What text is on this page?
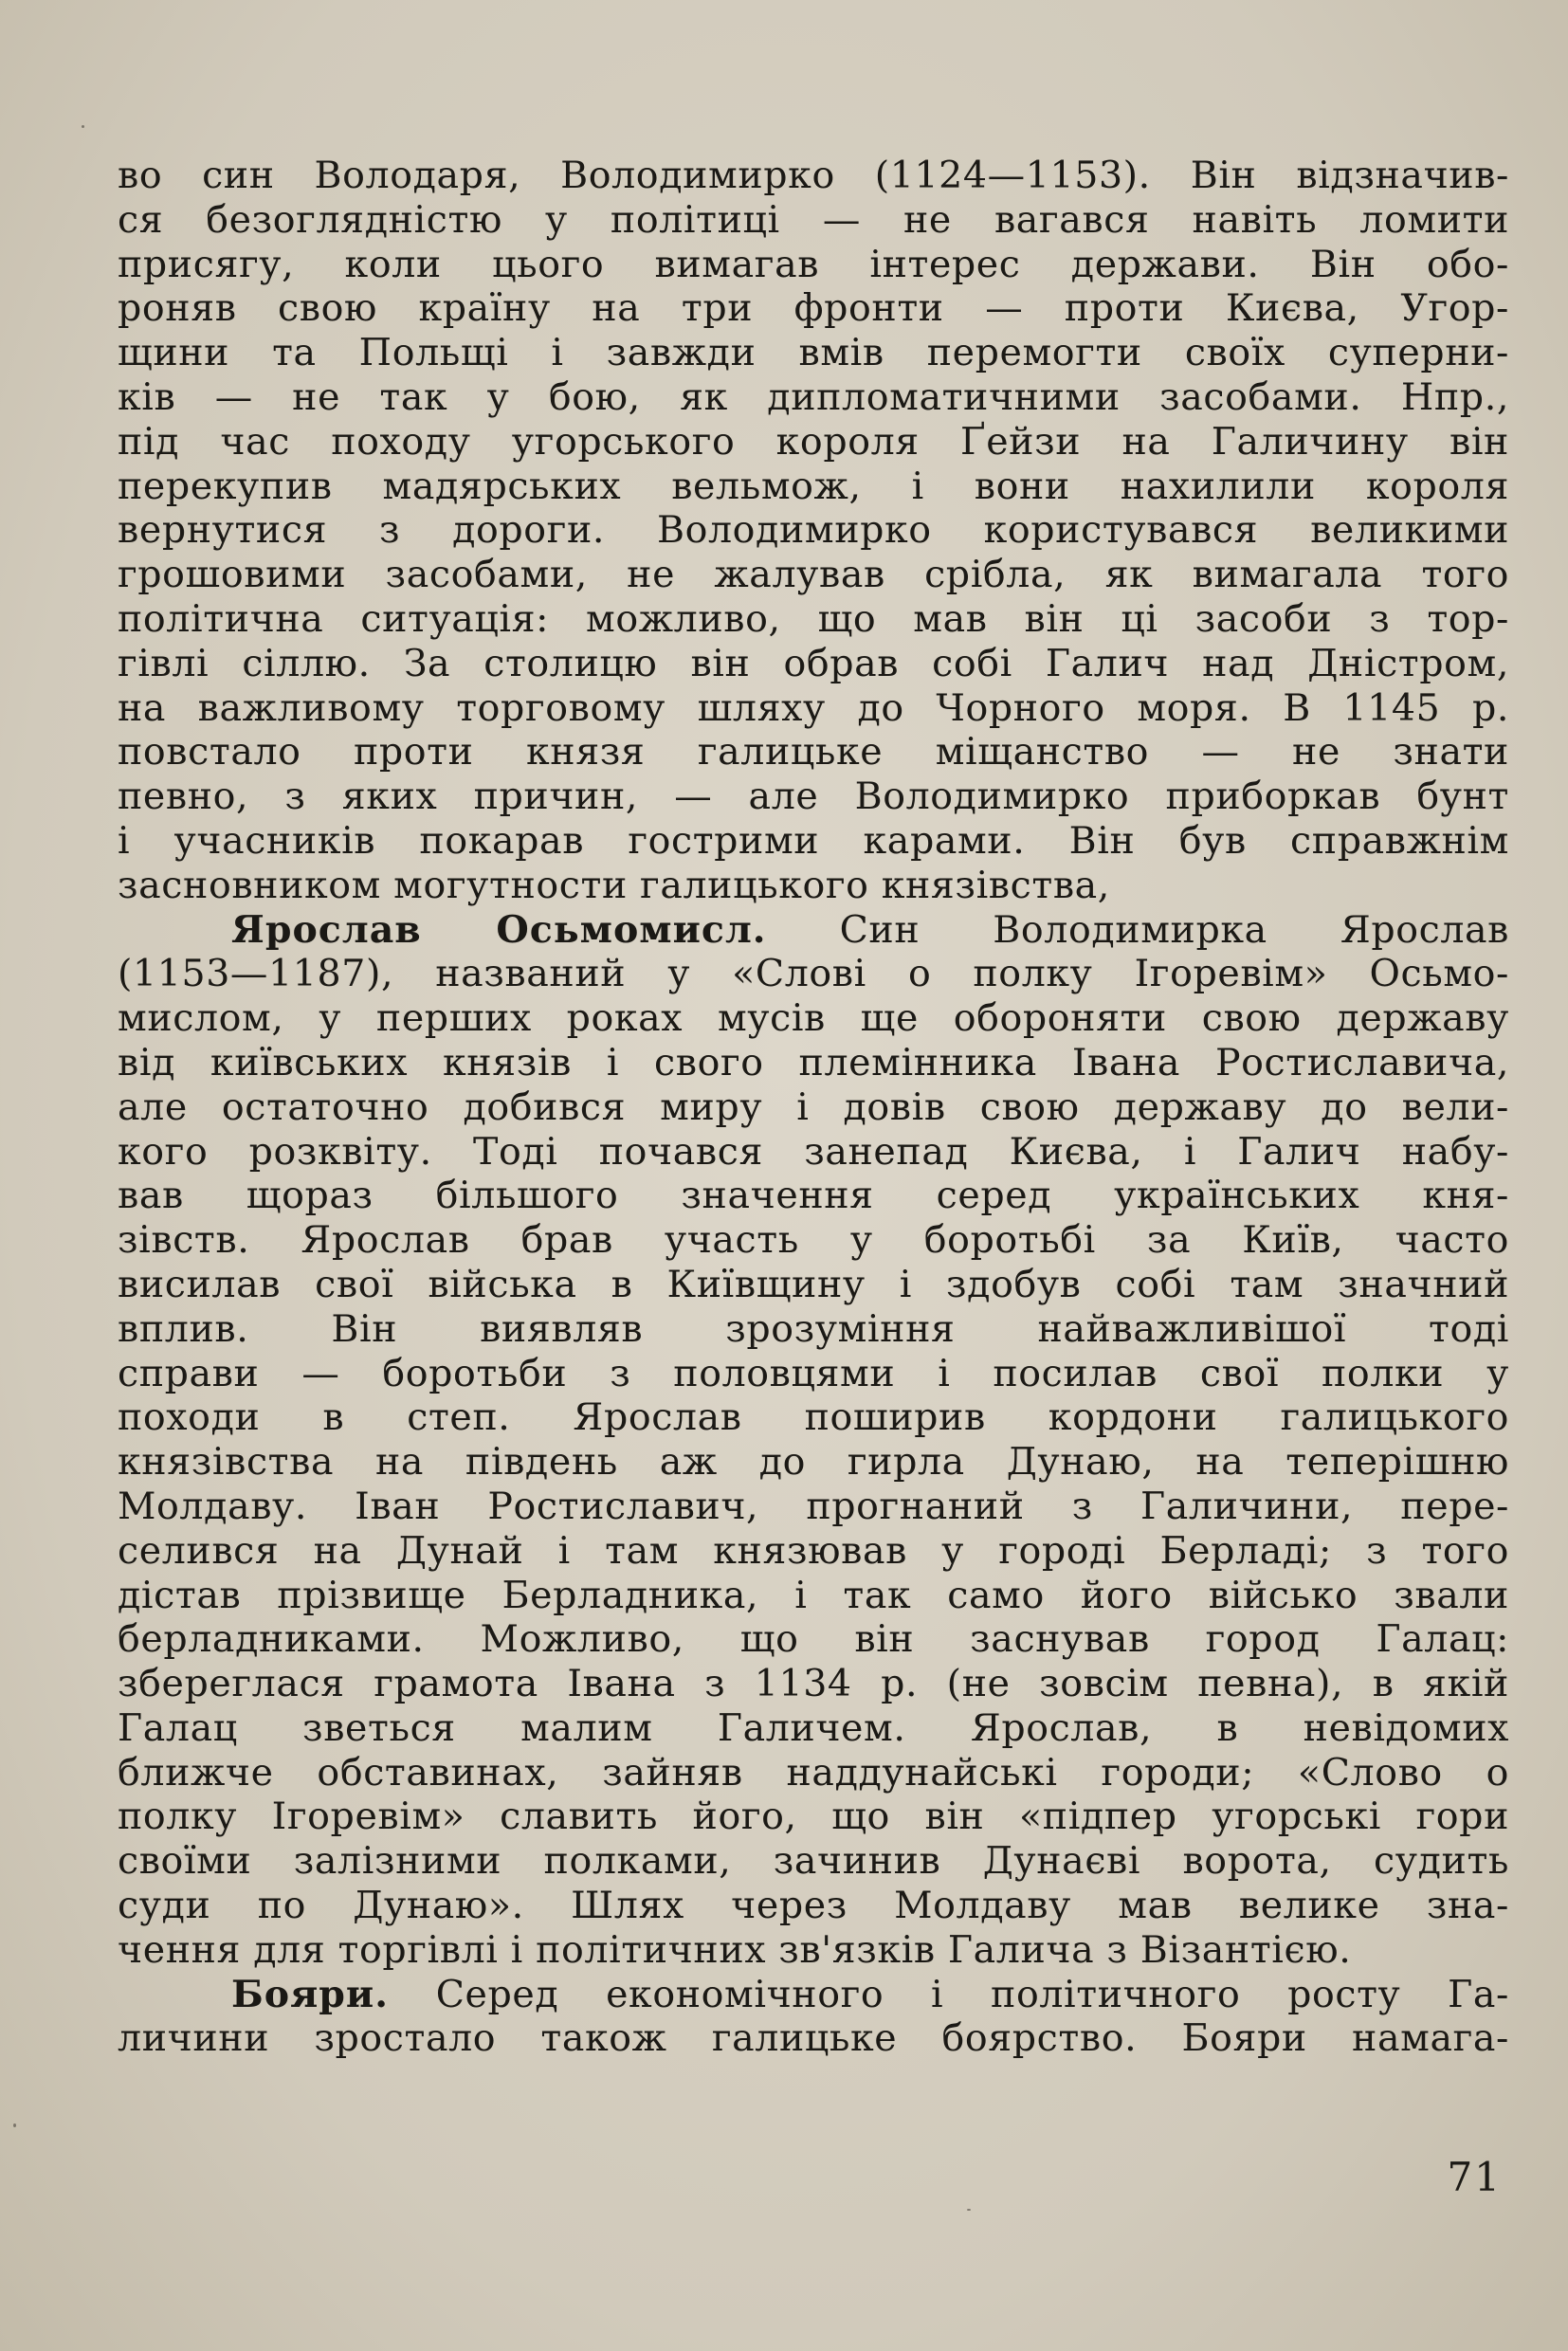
во син Володаря, Володимирко (1124—1153). Він відзначив-
ся безоглядністю у політиці — не вагався навіть ломити
присягу, коли цього вимагав інтерес держави. Він обо-
роняв свою країну на три фронти — проти Києва, Угор-
щини та Польщі і завжди вмів перемогти своїх суперни-
ків — не так у бою, як дипломатичними засобами. Нпр.,
під час походу угорського короля Ґейзи на Галичину він
перекупив мадярських вельмож, і вони нахилили короля
вернутися з дороги. Володимирко користувався великими
грошовими засобами, не жалував срібла, як вимагала того
політична ситуація: можливо, що мав він ці засоби з тор-
гівлі сіллю. За столицю він обрав собі Галич над Дністром,
на важливому торговому шляху до Чорного моря. В 1145 р.
повстало проти князя галицьке міщанство — не знати
певно, з яких причин, — але Володимирко приборкав бунт
і учасників покарав гострими карами. Він був справжнім
засновником могутности галицького князівства,
Ярослав Осьмомисл. Син Володимирка Ярослав
(1153—1187), названий у «Слові о полку Ігоревім» Осьмо-
мислом, у перших роках мусів ще обороняти свою державу
від київських князів і свого племінника Івана Ростиславича,
але остаточно добився миру і довів свою державу до вели-
кого розквіту. Тоді почався занепад Києва, і Галич набу-
вав щораз більшого значення серед українських кня-
зівств. Ярослав брав участь у боротьбі за Київ, часто
висилав свої війська в Київщину і здобув собі там значний
вплив. Він виявляв зрозуміння найважливішої тоді
справи — боротьби з половцями і посилав свої полки у
походи в степ. Ярослав поширив кордони галицького
князівства на південь аж до гирла Дунаю, на теперішню
Молдаву. Іван Ростиславич, прогнаний з Галичини, пере-
селився на Дунай і там князював у городі Берладі; з того
дістав прізвище Берладника, і так само його військо звали
берладниками. Можливо, що він заснував город Галац:
збереглася грамота Івана з 1134 р. (не зовсім певна), в якій
Галац зветься малим Галичем. Ярослав, в невідомих
ближче обставинах, зайняв наддунайські городи; «Слово о
полку Ігоревім» славить його, що він «підпер угорські гори
своїми залізними полками, зачинив Дунаєві ворота, судить
суди по Дунаю». Шлях через Молдаву мав велике зна-
чення для торгівлі і політичних зв'язків Галича з Візантією.
Бояри. Серед економічного і політичного росту Га-
личини зростало також галицьке боярство. Бояри намага-
71
